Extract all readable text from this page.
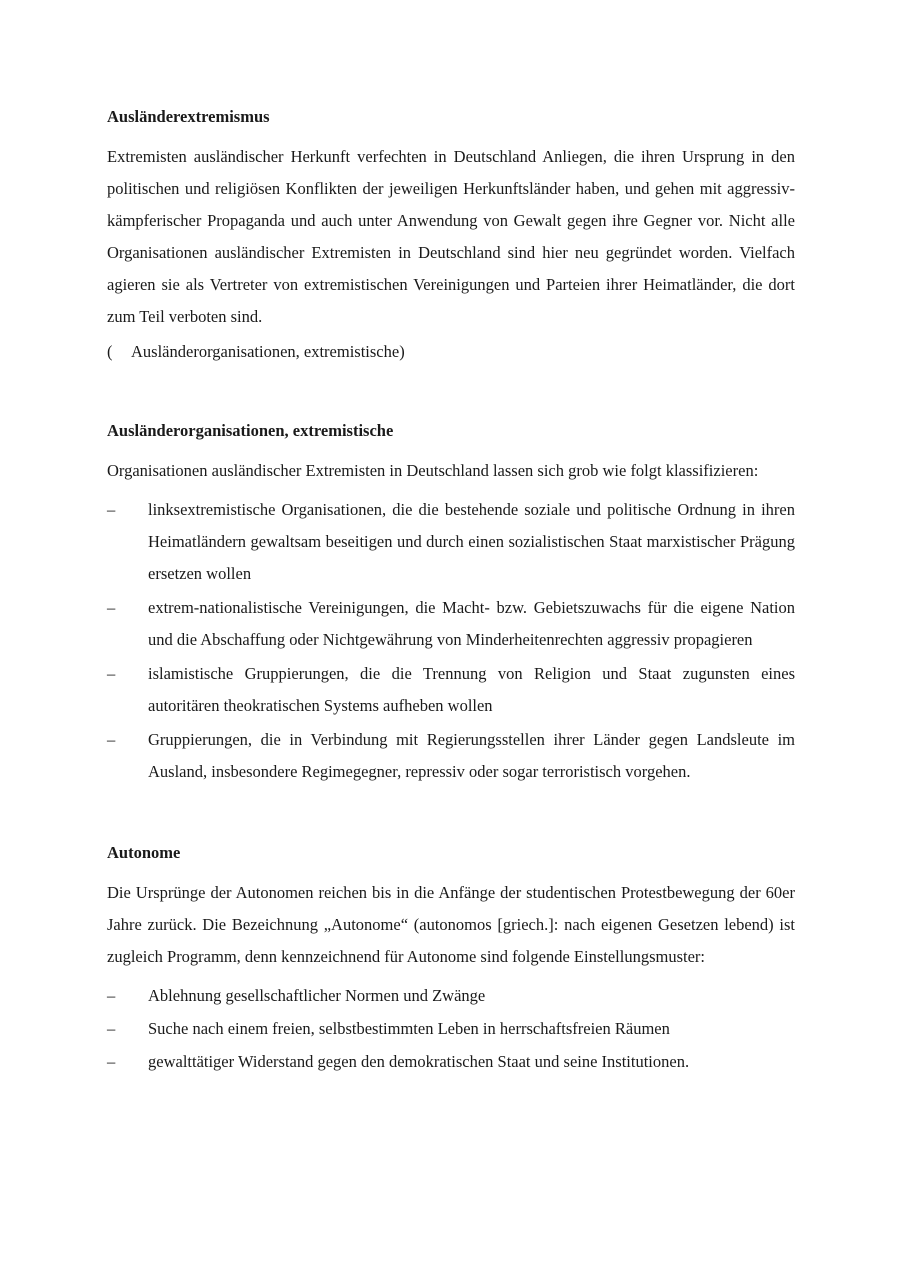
Ausländerextremismus

Extremisten ausländischer Herkunft verfechten in Deutschland Anliegen, die ihren Ursprung in den politischen und religiösen Konflikten der jeweiligen Herkunftsländer haben, und gehen mit aggressiv-kämpferischer Propaganda und auch unter Anwendung von Gewalt gegen ihre Gegner vor. Nicht alle Organisationen ausländischer Extremisten in Deutschland sind hier neu gegründet worden. Vielfach agieren sie als Vertreter von extremistischen Vereinigungen und Parteien ihrer Heimatländer, die dort zum Teil verboten sind.

( Ausländerorganisationen, extremistische)

Ausländerorganisationen, extremistische

Organisationen ausländischer Extremisten in Deutschland lassen sich grob wie folgt klassifizieren:

–	linksextremistische Organisationen, die die bestehende soziale und politische Ordnung in ihren Heimatländern gewaltsam beseitigen und durch einen sozialistischen Staat marxistischer Prägung ersetzen wollen
–	extrem-nationalistische Vereinigungen, die Macht- bzw. Gebietszuwachs für die eigene Nation und die Abschaffung oder Nichtgewährung von Minderheitenrechten aggressiv propagieren
–	islamistische Gruppierungen, die die Trennung von Religion und Staat zugunsten eines autoritären theokratischen Systems aufheben wollen
–	Gruppierungen, die in Verbindung mit Regierungsstellen ihrer Länder gegen Landsleute im Ausland, insbesondere Regimegegner, repressiv oder sogar terroristisch vorgehen.
Autonome

Die Ursprünge der Autonomen reichen bis in die Anfänge der studentischen Protestbewegung der 60er Jahre zurück. Die Bezeichnung „Autonome“ (autonomos [griech.]: nach eigenen Gesetzen lebend) ist zugleich Programm, denn kennzeichnend für Autonome sind folgende Einstellungsmuster:

–	Ablehnung gesellschaftlicher Normen und Zwänge
–	Suche nach einem freien, selbstbestimmten Leben in herrschaftsfreien Räumen
–	gewalttätiger Widerstand gegen den demokratischen Staat und seine Institutionen.
